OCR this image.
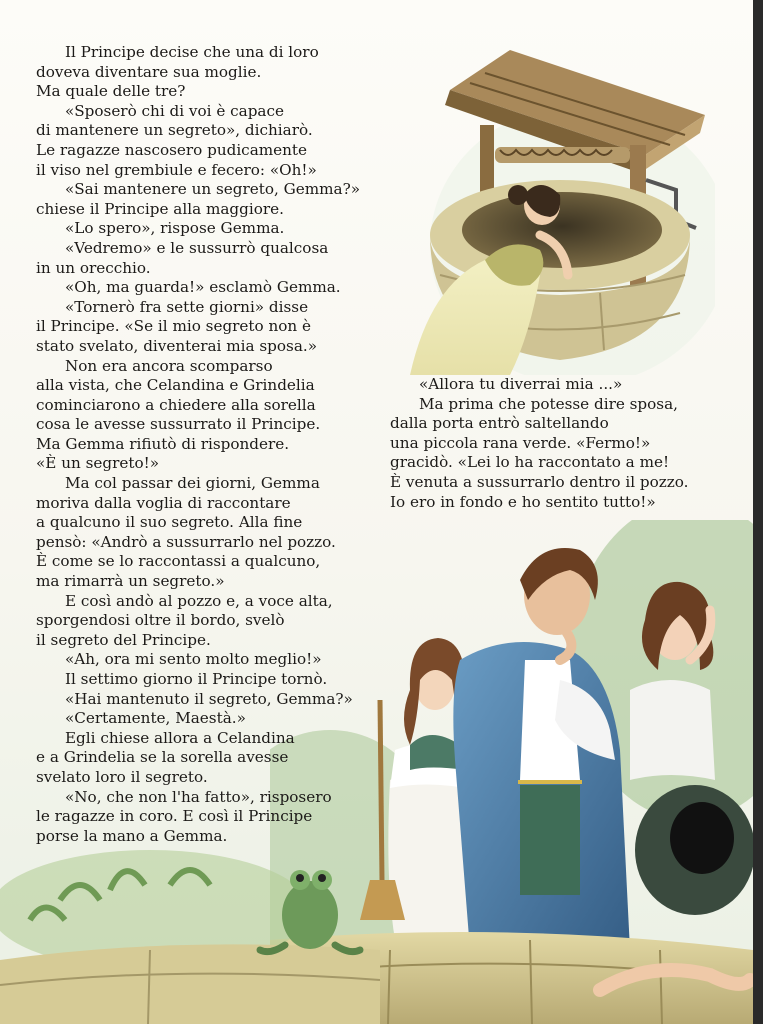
Il Principe decise che una di loro

doveva diventare sua moglie.

Ma quale delle tre?

«Sposerò chi di voi è capace

di mantenere un segreto», dichiarò.

Le ragazze nascosero pudicamente

il viso nel grembiule e fecero: «Oh!»

«Sai mantenere un segreto, Gemma?»

chiese il Principe alla maggiore.

«Lo spero», rispose Gemma.

«Vedremo» e le sussurrò qualcosa

in un orecchio.

«Oh, ma guarda!» esclamò Gemma.

«Tornerò fra sette giorni» disse

il Principe. «Se il mio segreto non è

stato svelato, diventerai mia sposa.»

Non era ancora scomparso

alla vista, che Celandina e Grindelia

cominciarono a chiedere alla sorella

cosa le avesse sussurrato il Principe.

Ma Gemma rifiutò di rispondere.

«È un segreto!»

Ma col passar dei giorni, Gemma

moriva dalla voglia di raccontare

a qualcuno il suo segreto. Alla fine

pensò: «Andrò a sussurrarlo nel pozzo.

È come se lo raccontassi a qualcuno,

ma rimarrà un segreto.»

E così andò al pozzo e, a voce alta,

sporgendosi oltre il bordo, svelò

il segreto del Principe.

«Ah, ora mi sento molto meglio!»

Il settimo giorno il Principe tornò.

«Hai mantenuto il segreto, Gemma?»

«Certamente, Maestà.»

Egli chiese allora a Celandina

e a Grindelia se la sorella avesse

svelato loro il segreto.

«No, che non l'ha fatto», risposero

le ragazze in coro. E così il Principe

porse la mano a Gemma.

«Allora tu diverrai mia ...»

Ma prima che potesse dire sposa,

dalla porta entrò saltellando

una piccola rana verde. «Fermo!»

gracidò. «Lei lo ha raccontato a me!

È venuta a sussurrarlo dentro il pozzo.

Io ero in fondo e ho sentito tutto!»
